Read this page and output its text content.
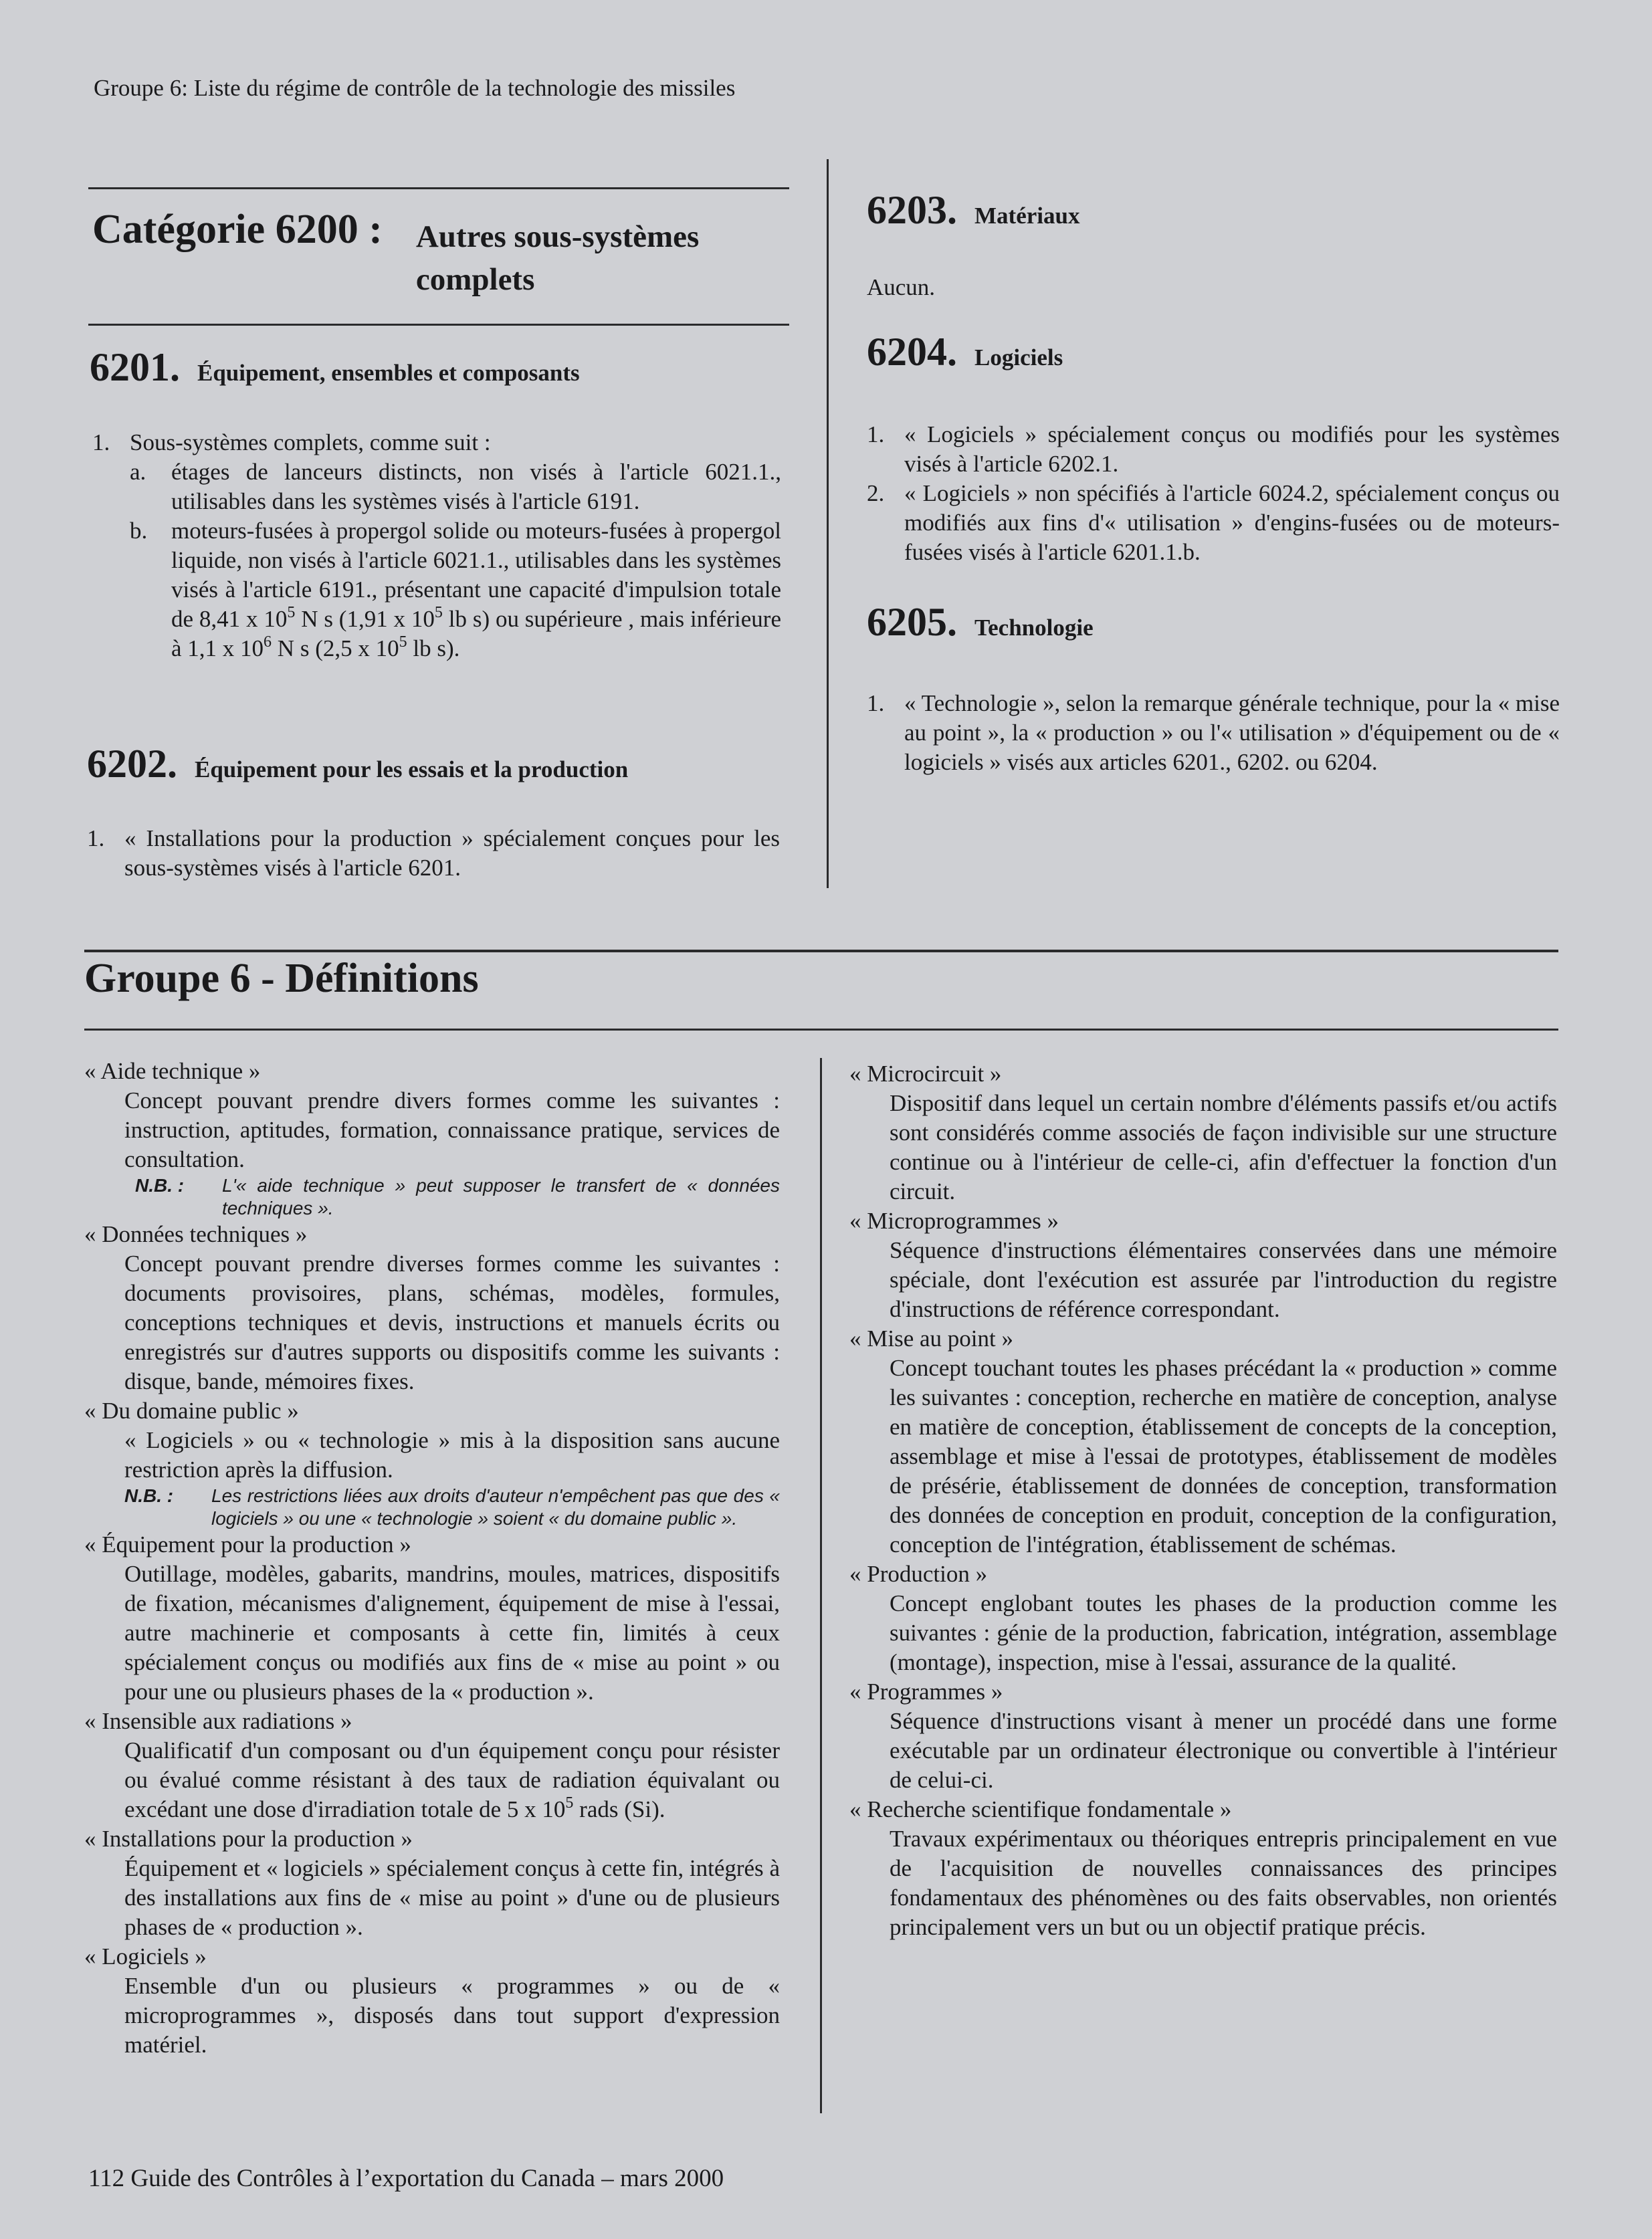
Groupe 6: Liste du régime de contrôle de la technologie des missiles
Catégorie 6200 : Autres sous-systèmes complets
6201. Équipement, ensembles et composants
1. Sous-systèmes complets, comme suit :
a. étages de lanceurs distincts, non visés à l'article 6021.1., utilisables dans les systèmes visés à l'article 6191.
b. moteurs-fusées à propergol solide ou moteurs-fusées à propergol liquide, non visés à l'article 6021.1., utilisables dans les systèmes visés à l'article 6191., présentant une capacité d'impulsion totale de 8,41 x $10^5$ N s (1,91 x $10^5$ lb s) ou supérieure , mais inférieure à 1,1 x $10^6$ N s (2,5 x $10^5$ lb s).
6202. Équipement pour les essais et la production
1. « Installations pour la production » spécialement conçues pour les sous-systèmes visés à l'article 6201.
6203. Matériaux
Aucun.
6204. Logiciels
1. « Logiciels » spécialement conçus ou modifiés pour les systèmes visés à l'article 6202.1.
2. « Logiciels » non spécifiés à l'article 6024.2, spécialement conçus ou modifiés aux fins d'« utilisation » d'engins-fusées ou de moteurs-fusées visés à l'article 6201.1.b.
6205. Technologie
1. « Technologie », selon la remarque générale technique, pour la « mise au point », la « production » ou l'« utilisation » d'équipement ou de « logiciels » visés aux articles 6201., 6202. ou 6204.
Groupe 6 - Définitions
« Aide technique »
Concept pouvant prendre divers formes comme les suivantes : instruction, aptitudes, formation, connaissance pratique, services de consultation.
N.B. : L'« aide technique » peut supposer le transfert de « données techniques ».
« Données techniques »
Concept pouvant prendre diverses formes comme les suivantes : documents provisoires, plans, schémas, modèles, formules, conceptions techniques et devis, instructions et manuels écrits ou enregistrés sur d'autres supports ou dispositifs comme les suivants : disque, bande, mémoires fixes.
« Du domaine public »
« Logiciels » ou « technologie » mis à la disposition sans aucune restriction après la diffusion.
N.B. : Les restrictions liées aux droits d'auteur n'empêchent pas que des « logiciels » ou une « technologie » soient « du domaine public ».
« Équipement pour la production »
Outillage, modèles, gabarits, mandrins, moules, matrices, dispositifs de fixation, mécanismes d'alignement, équipement de mise à l'essai, autre machinerie et composants à cette fin, limités à ceux spécialement conçus ou modifiés aux fins de « mise au point » ou pour une ou plusieurs phases de la « production ».
« Insensible aux radiations »
Qualificatif d'un composant ou d'un équipement conçu pour résister ou évalué comme résistant à des taux de radiation équivalant ou excédant une dose d'irradiation totale de 5 x $10^5$ rads (Si).
« Installations pour la production »
Équipement et « logiciels » spécialement conçus à cette fin, intégrés à des installations aux fins de « mise au point » d'une ou de plusieurs phases de « production ».
« Logiciels »
Ensemble d'un ou plusieurs « programmes » ou de « microprogrammes », disposés dans tout support d'expression matériel.
« Microcircuit »
Dispositif dans lequel un certain nombre d'éléments passifs et/ou actifs sont considérés comme associés de façon indivisible sur une structure continue ou à l'intérieur de celle-ci, afin d'effectuer la fonction d'un circuit.
« Microprogrammes »
Séquence d'instructions élémentaires conservées dans une mémoire spéciale, dont l'exécution est assurée par l'introduction du registre d'instructions de référence correspondant.
« Mise au point »
Concept touchant toutes les phases précédant la « production » comme les suivantes : conception, recherche en matière de conception, analyse en matière de conception, établissement de concepts de la conception, assemblage et mise à l'essai de prototypes, établissement de modèles de présérie, établissement de données de conception, transformation des données de conception en produit, conception de la configuration, conception de l'intégration, établissement de schémas.
« Production »
Concept englobant toutes les phases de la production comme les suivantes : génie de la production, fabrication, intégration, assemblage (montage), inspection, mise à l'essai, assurance de la qualité.
« Programmes »
Séquence d'instructions visant à mener un procédé dans une forme exécutable par un ordinateur électronique ou convertible à l'intérieur de celui-ci.
« Recherche scientifique fondamentale »
Travaux expérimentaux ou théoriques entrepris principalement en vue de l'acquisition de nouvelles connaissances des principes fondamentaux des phénomènes ou des faits observables, non orientés principalement vers un but ou un objectif pratique précis.
112 Guide des Contrôles à l’exportation du Canada – mars 2000
